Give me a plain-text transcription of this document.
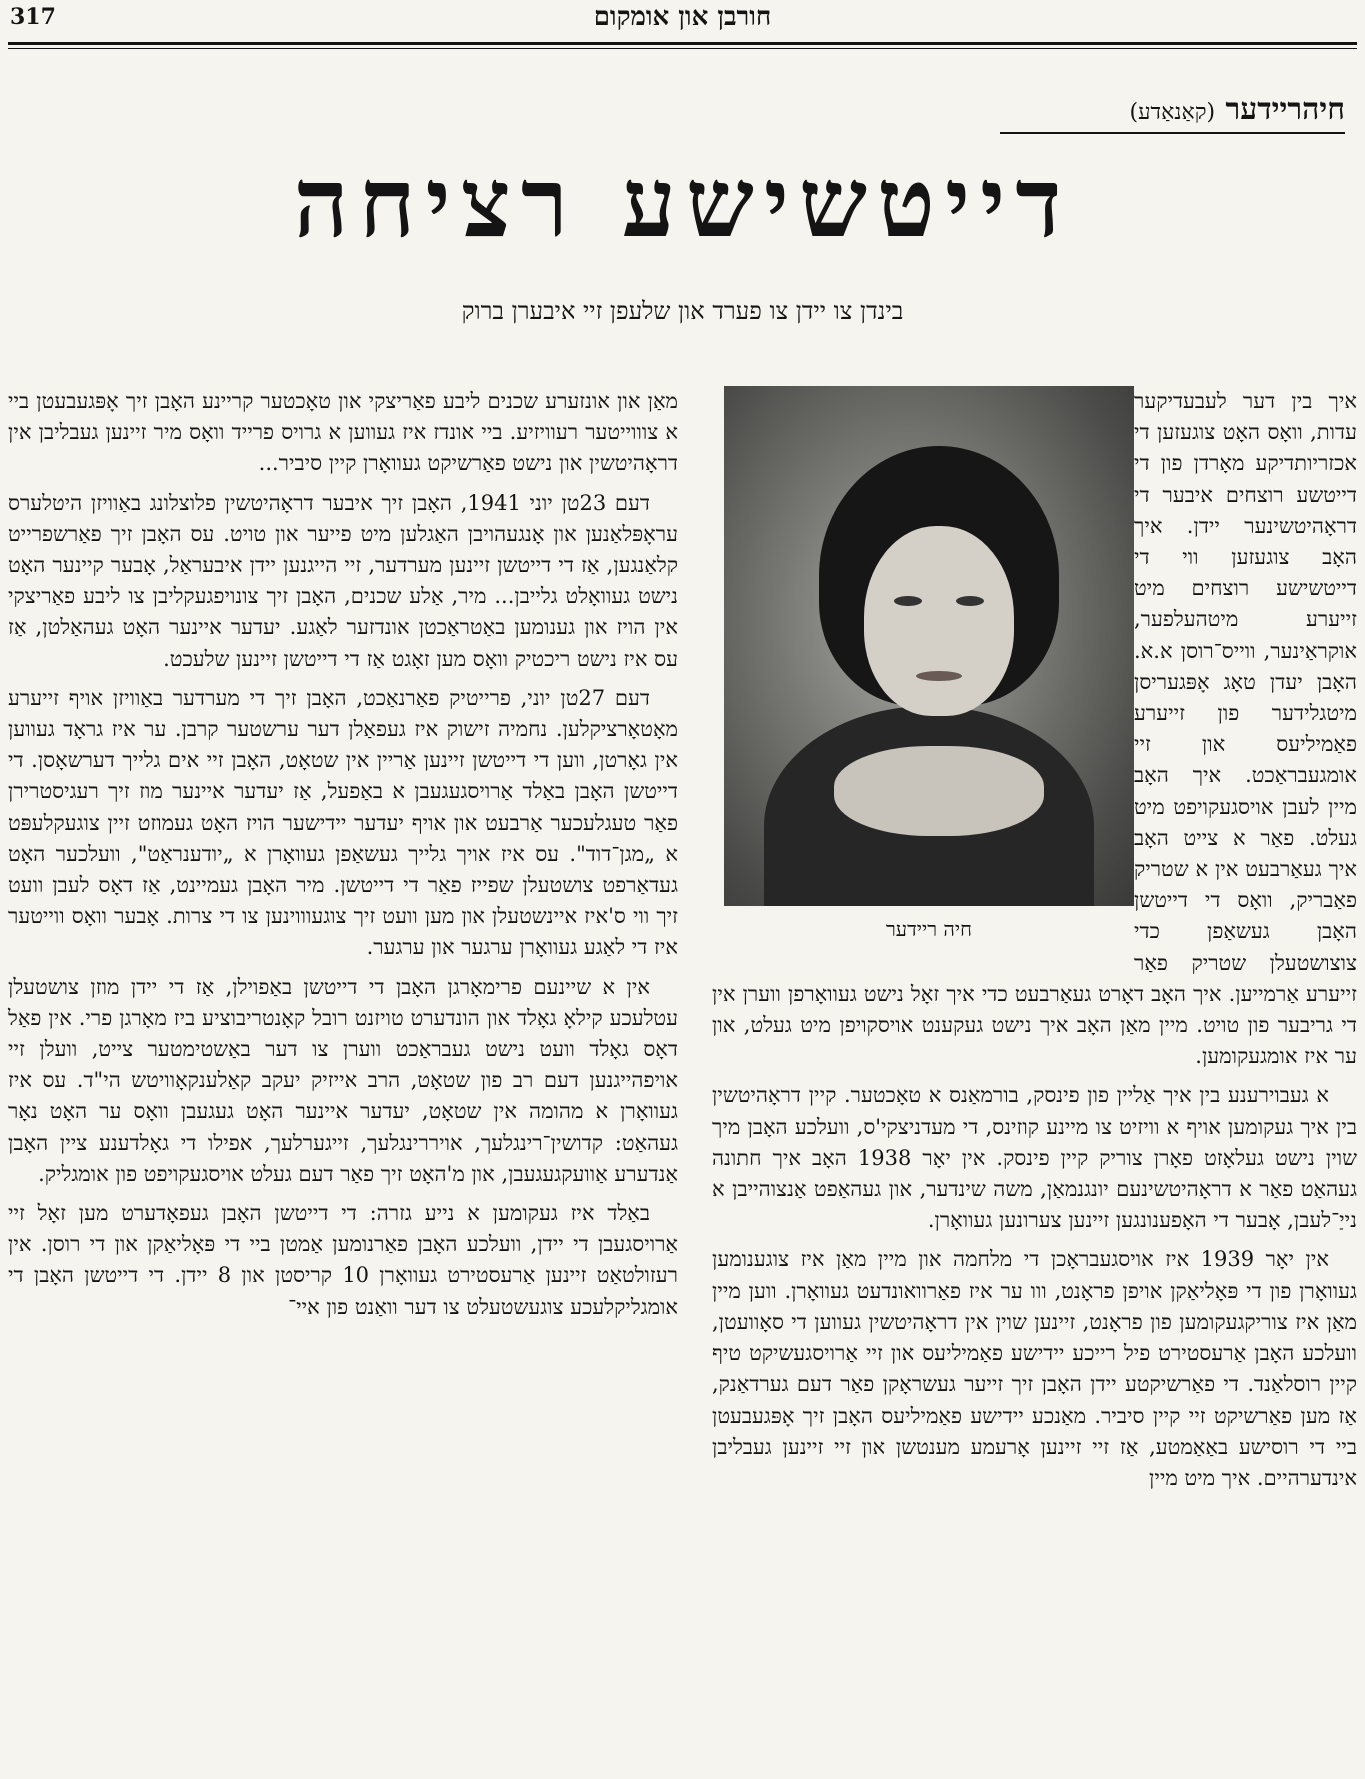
317	חורבן און אומקום
חיהריידער (קאַנאַדע)
דייטשישע רציחה
בינדן צו יידן צו פערד און שלעפן זיי איבערן ברוק
חיה ריידער

איך בין דער לעבעדיקער עדות, וואָס האָט צוגעזען די אכזריותדיקע מאָרדן פון די דייטשע רוצחים איבער די דראָהיטשינער יידן. איך האָב צוגעזען ווי די דייטשישע רוצחים מיט זייערע מיטהעלפער, אוקראַינער, ווייס־רוסן א.א. האָבן יעדן טאָג אָפּגעריסן מיטגלידער פון זייערע פאַמיליעס און זיי אומגעבראַכט. איך האָב מיין לעבן אויסגעקויפט מיט געלט. פאַר א צייט האָב איך געאַרבעט אין א שטריק פאַבריק, וואָס די דייטשן האָבן געשאַפן כדי צוצושטעלן שטריק פאַר זייערע אַרמייען. איך האָב דאָרט געאַרבעט כדי איך זאָל נישט געוואָרפן ווערן אין די גריבער פון טויט. מיין מאַן האָב איך נישט געקענט אויסקויפן מיט געלט, און ער איז אומגעקומען.

א געבוירענע בין איך אַליין פון פינסק, בורמאַנס א טאָכטער. קיין דראָהיטשין בין איך געקומען אויף א וויזיט צו מיינע קוזינס, די מעדניצקי'ס, וועלכע האָבן מיך שוין נישט געלאָזט פאָרן צוריק קיין פינסק. אין יאָר 1938 האָב איך חתונה געהאַט פאַר א דראָהיטשינעם יונגנמאַן, משה שינדער, און געהאַפט אַנצוהייבן א נייַ־לעבן, אָבער די האָפענונגען זיינען צערונען געוואָרן.

אין יאָר 1939 איז אויסגעבראָכן די מלחמה און מיין מאַן איז צוגענומען געוואָרן פון די פּאָליאַקן אויפן פראָנט, ווו ער איז פאַרוואונדעט געוואָרן. ווען מיין מאַן איז צוריקגעקומען פון פראָנט, זיינען שוין אין דראָהיטשין געווען די סאָוועטן, וועלכע האָבן אַרעסטירט פיל רייכע יידישע פאַמיליעס און זיי אַרויסגעשיקט טיף קיין רוסלאַנד. די פאַרשיקטע יידן האָבן זיך זייער געשראָקן פאַר דעם גערדאַנק, אַז מען פאַרשיקט זיי קיין סיביר. מאַנכע יידישע פאַמיליעס האָבן זיך אָפּגעבעטן ביי די רוסישע באַאַמטע, אַז זיי זיינען אָרעמע מענטשן און זיי זיינען געבליבן אינדערהיים. איך מיט מיין

מאַן און אונזערע שכנים ליבע פאַריצקי און טאָכטער קריינע האָבן זיך אָפּגעבעטן ביי א צוווייטער רעוויזיע. ביי אונדז איז געווען א גרויס פרייד וואָס מיר זיינען געבליבן אין דראָהיטשין און נישט פאַרשיקט געוואָרן קיין סיביר...

דעם 23טן יוני 1941, האָבן זיך איבער דראָהיטשין פלוצלונג באַוויזן היטלערס עראָפּלאַנען און אָנגעהויבן האַגלען מיט פייער און טויט. עס האָבן זיך פאַרשפרייט קלאַנגען, אַז די דייטשן זיינען מערדער, זיי הייגנען יידן איבעראַל, אָבער קיינער האָט נישט געוואָלט גלייבן... מיר, אַלע שכנים, האָבן זיך צונויפגעקליבן צו ליבע פאַריצקי אין הויז און גענומען באַטראַכטן אונדזער לאַגע. יעדער איינער האָט געהאַלטן, אַז עס איז נישט ריכטיק וואָס מען זאָגט אַז די דייטשן זיינען שלעכט.

דעם 27טן יוני, פרייטיק פאַרנאַכט, האָבן זיך די מערדער באַוויזן אויף זייערע מאָטאָרציקלען. נחמיה זישוק איז געפאַלן דער ערשטער קרבן. ער איז גראָד געווען אין גאָרטן, ווען די דייטשן זיינען אַריין אין שטאָט, האָבן זיי אים גלייך דערשאָסן. די דייטשן האָבן באַלד אַרויסגעגעבן א באַפעל, אַז יעדער איינער מוז זיך רעגיסטרירן פאַר טעגלעכער אַרבעט און אויף יעדער יידישער הויז האָט געמוזט זיין צוגעקלעפּט א „מגן־דוד". עס איז אויך גלייך געשאַפן געוואָרן א „יודענראַט", וועלכער האָט געדאַרפט צושטעלן שפייז פאַר די דייטשן. מיר האָבן געמיינט, אַז דאָס לעבן וועט זיך ווי ס'איז איינשטעלן און מען וועט זיך צוגעוווינען צו די צרות. אָבער וואָס ווייטער איז די לאַגע געוואָרן ערגער און ערגער.

אין א שיינעם פרימאָרגן האָבן די דייטשן באַפוילן, אַז די יידן מוזן צושטעלן עטלעכע קילאָ גאָלד און הונדערט טויזנט רובל קאָנטריבוציע ביז מאָרגן פרי. אין פאַל דאָס גאָלד וועט נישט געבראַכט ווערן צו דער באַשטימטער צייט, וועלן זיי אויפהייגנען דעם רב פון שטאָט, הרב אייזיק יעקב קאַלענקאָוויטש הי"ד. עס איז געוואָרן א מהומה אין שטאָט, יעדער איינער האָט געגעבן וואָס ער האָט נאָר געהאַט: קדושין־רינגלעך, אויררינגלעך, זייגערלעך, אפילו די גאָלדענע ציין האָבן אַנדערע אַוועקגעגעבן, און מ'האָט זיך פאַר דעם געלט אויסגעקויפט פון אומגליק.

באַלד איז געקומען א נייע גזרה: די דייטשן האָבן געפאָדערט מען זאָל זיי אַרויסגעבן די יידן, וועלכע האָבן פאַרנומען אַמטן ביי די פּאָליאַקן און די רוסן. אין רעזולטאַט זיינען אַרעסטירט געוואָרן 10 קריסטן און 8 יידן. די דייטשן האָבן די אומגליקלעכע צוגעשטעלט צו דער וואַנט פון איי־
